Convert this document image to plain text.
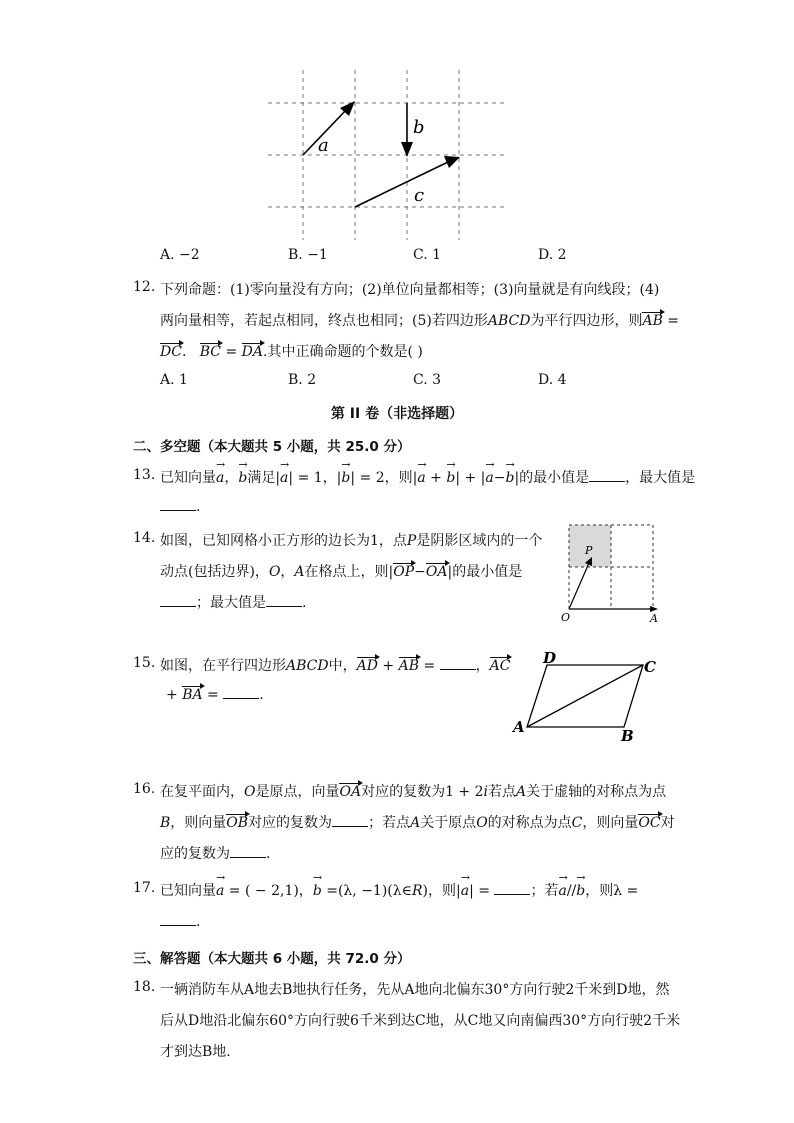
a
b
c
A. −2	B. −1	C. 1	D. 2
12. 下列命题：(1)零向量没有方向；(2)单位向量都相等；(3)向量就是有向线段；(4)
两向量相等，若起点相同，终点也相同；(5)若四边形ABCD为平行四边形，则AB =
DC. BC = DA.其中正确命题的个数是( )
A. 1	B. 2	C. 3	D. 4
第 II 卷（非选择题）
二、多空题（本大题共 5 小题，共 25.0 分）
13. 已知向量→ a，→ b满足|→ a| = 1，|→ b| = 2，则|→ a + → b| + |→ a−→ b|的最小值是	，最大值是
.
14. 如图，已知网格小正方形的边长为1，点P是阴影区域内的一个
动点(包括边界)，O，A在格点上，则|OP−OA|的最小值是
；最大值是	.
P
O	A
15. 如图，在平行四边形ABCD中，AD + AB =	，AC
+ BA =	.
D	C
A	B
16. 在复平面内，O是原点，向量OA对应的复数为1 + 2i若点A关于虚轴的对称点为点
B，则向量OB对应的复数为	；若点A关于原点O的对称点为点C，则向量OC对
应的复数为	.
17. 已知向量→ a = ( − 2,1)，→ b =(λ, −1)(λ∈R)，则|→ a| =	；若→ a//→ b，则λ =
.
三、解答题（本大题共 6 小题，共 72.0 分）
18. 一辆消防车从A地去B地执行任务，先从A地向北偏东30°方向行驶2千米到D地，然
后从D地沿北偏东60°方向行驶6千米到达C地，从C地又向南偏西30°方向行驶2千米
才到达B地.
